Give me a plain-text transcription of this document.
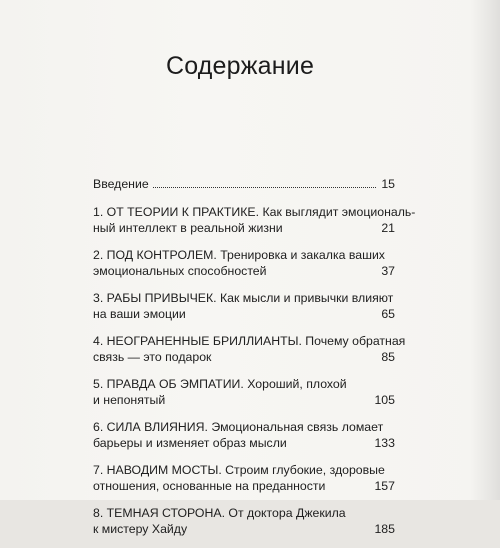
Содержание
Введение	15
1. ОТ ТЕОРИИ К ПРАКТИКЕ. Как выглядит эмоциональ-
ный интеллект в реальной жизни	21
2. ПОД КОНТРОЛЕМ. Тренировка и закалка ваших
эмоциональных способностей	37
3. РАБЫ ПРИВЫЧЕК. Как мысли и привычки влияют
на ваши эмоции	65
4. НЕОГРАНЕННЫЕ БРИЛЛИАНТЫ. Почему обратная
связь — это подарок	85
5. ПРАВДА ОБ ЭМПАТИИ. Хороший, плохой
и непонятый	105
6. СИЛА ВЛИЯНИЯ. Эмоциональная связь ломает
барьеры и изменяет образ мысли	133
7. НАВОДИМ МОСТЫ. Строим глубокие, здоровые
отношения, основанные на преданности	157
8. ТЕМНАЯ СТОРОНА. От доктора Джекила
к мистеру Хайду	185
